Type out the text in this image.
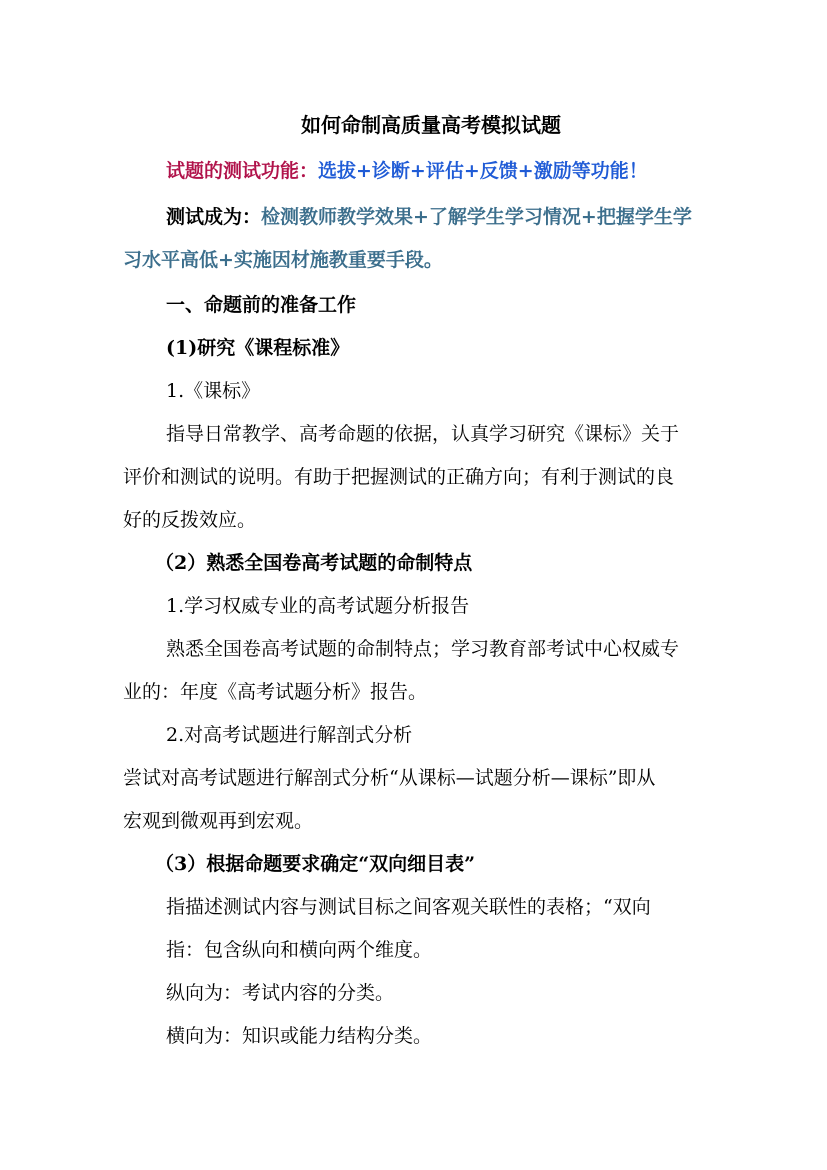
如何命制高质量高考模拟试题
试题的测试功能：选拔+诊断+评估+反馈+激励等功能！
测试成为：检测教师教学效果+了解学生学习情况+把握学生学
习水平高低+实施因材施教重要手段。
一、命题前的准备工作
(1)研究《课程标准》
1.《课标》
指导日常教学、高考命题的依据，认真学习研究《课标》关于
评价和测试的说明。有助于把握测试的正确方向；有利于测试的良
好的反拨效应。
（2）熟悉全国卷高考试题的命制特点
1.学习权威专业的高考试题分析报告
熟悉全国卷高考试题的命制特点；学习教育部考试中心权威专
业的：年度《高考试题分析》报告。
2.对高考试题进行解剖式分析
尝试对高考试题进行解剖式分析“从课标—试题分析—课标”即从
宏观到微观再到宏观。
（3）根据命题要求确定“双向细目表”
指描述测试内容与测试目标之间客观关联性的表格；“双向
指：包含纵向和横向两个维度。
纵向为：考试内容的分类。
横向为：知识或能力结构分类。
